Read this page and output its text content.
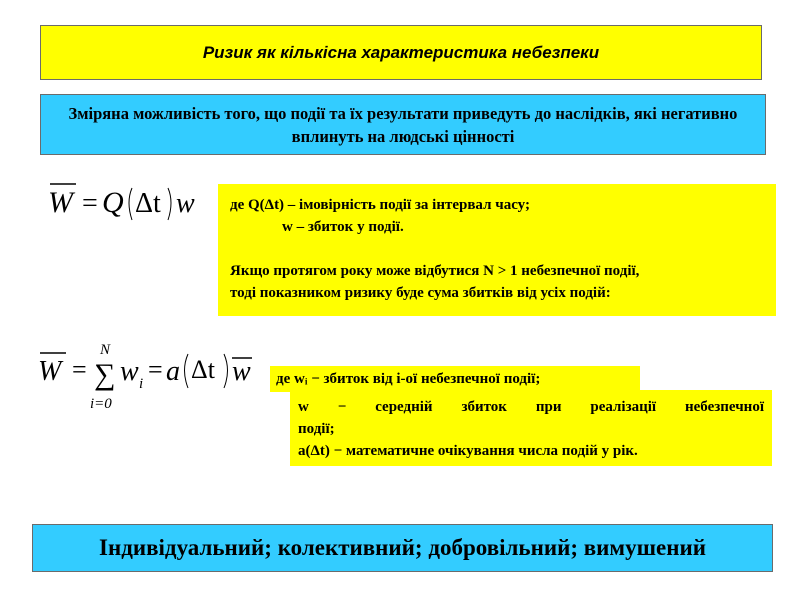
Ризик як кількісна характеристика небезпеки
Зміряна можливість того, що події та їх результати приведуть до наслідків, які негативно вплинуть на людські цінності
W = Q Δt w де Q(Δt) – імовірність події за інтервал часу;

w – збиток у події.

Якщо протягом року може відбутися N > 1 небезпечної події,

тоді показником ризику буде сума збитків від усіх подій:

W =
N
∑
i=0
w i = a Δt w	де wᵢ − збиток від i-ої небезпечної події;

w − середній збиток при реалізації небезпечної

події;

a(Δt) − математичне очікування числа подій у рік.

Індивідуальний; колективний; добровільний; вимушений
